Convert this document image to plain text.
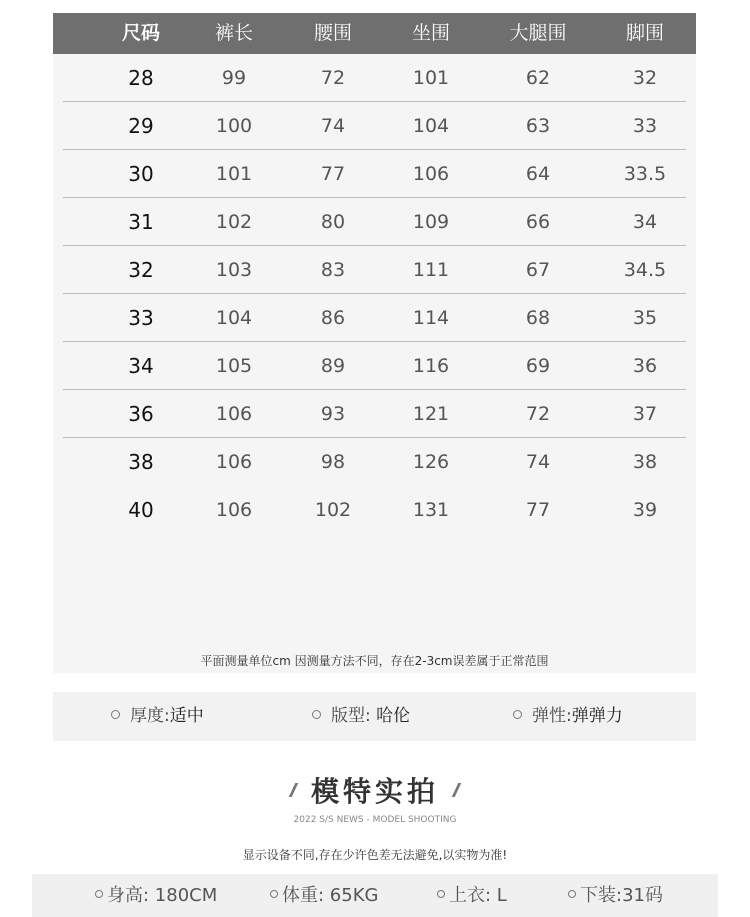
尺码	裤长	腰围	坐围	大腿围	脚围
28	99	72	101	62	32
29	100	74	104	63	33
30	101	77	106	64	33.5
31	102	80	109	66	34
32	103	83	111	67	34.5
33	104	86	114	68	35
34	105	89	116	69	36
36	106	93	121	72	37
38	106	98	126	74	38
40	106	102	131	77	39
平面测量单位cm 因测量方法不同，存在2-3cm误差属于正常范围
厚度:适中	版型: 哈伦	弹性:弹弹力
模特实拍
2022 S/S NEWS - MODEL SHOOTING
显示设备不同,存在少许色差无法避免,以实物为准!
身高: 180CM	体重: 65KG	上衣: L	下装:31码
